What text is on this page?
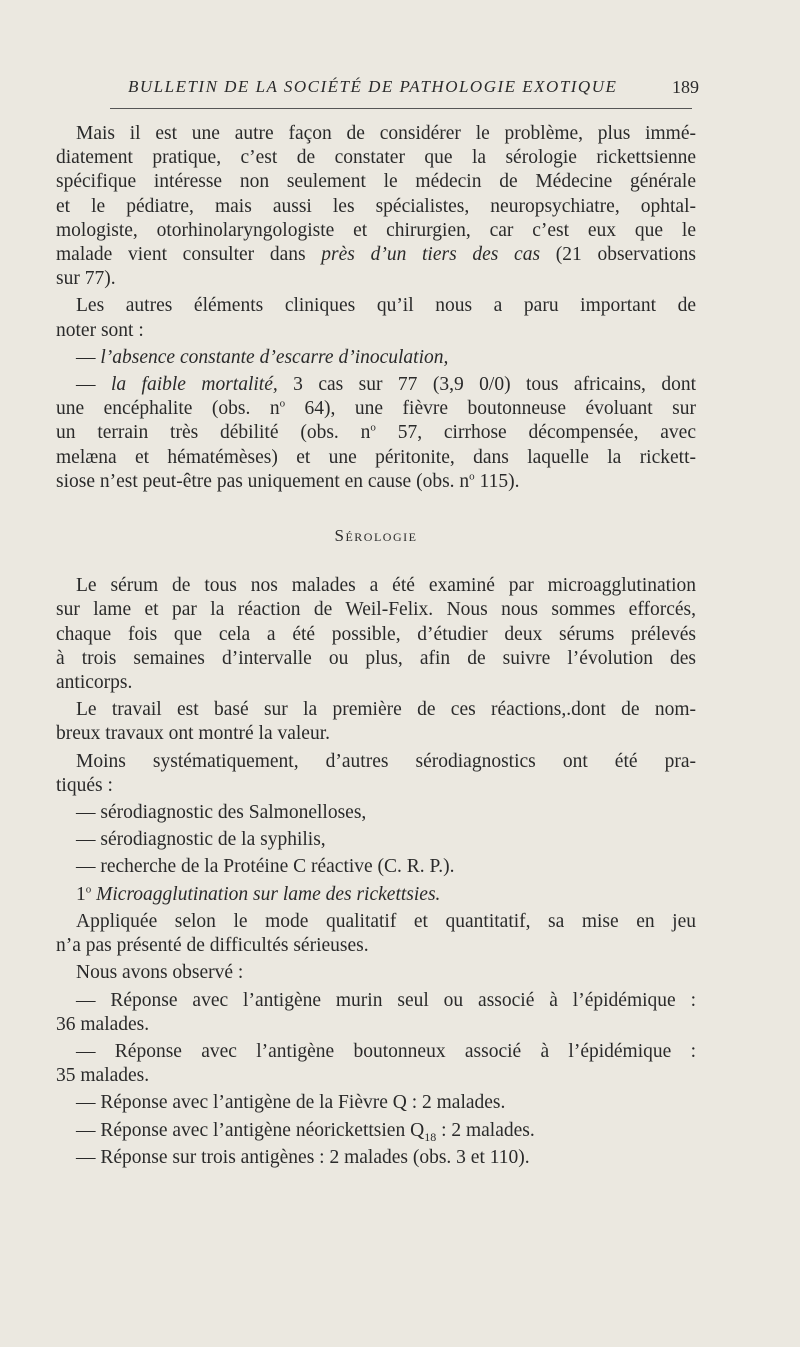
BULLETIN DE LA SOCIÉTÉ DE PATHOLOGIE EXOTIQUE	189
Mais il est une autre façon de considérer le problème, plus immé-
diatement pratique, c’est de constater que la sérologie rickettsienne
spécifique intéresse non seulement le médecin de Médecine générale
et le pédiatre, mais aussi les spécialistes, neuropsychiatre, ophtal-
mologiste, otorhinolaryngologiste et chirurgien, car c’est eux que le
malade vient consulter dans près d’un tiers des cas (21 observations
sur 77).
Les autres éléments cliniques qu’il nous a paru important de
noter sont :
— l’absence constante d’escarre d’inoculation,
— la faible mortalité, 3 cas sur 77 (3,9 0/0) tous africains, dont
une encéphalite (obs. $n^o$ 64), une fièvre boutonneuse évoluant sur
un terrain très débilité (obs. $n^o$ 57, cirrhose décompensée, avec
melæna et hématémèses) et une péritonite, dans laquelle la rickett-
siose n’est peut-être pas uniquement en cause (obs. $n^o$ 115).
Sérologie
Le sérum de tous nos malades a été examiné par microagglutination
sur lame et par la réaction de Weil-Felix. Nous nous sommes efforcés,
chaque fois que cela a été possible, d’étudier deux sérums prélevés
à trois semaines d’intervalle ou plus, afin de suivre l’évolution des
anticorps.
Le travail est basé sur la première de ces réactions,.dont de nom-
breux travaux ont montré la valeur.
Moins systématiquement, d’autres sérodiagnostics ont été pra-
tiqués :
— sérodiagnostic des Salmonelloses,
— sérodiagnostic de la syphilis,
— recherche de la Protéine C réactive (C. R. P.).
1$^o$ Microagglutination sur lame des rickettsies.
Appliquée selon le mode qualitatif et quantitatif, sa mise en jeu
n’a pas présenté de difficultés sérieuses.
Nous avons observé :
— Réponse avec l’antigène murin seul ou associé à l’épidémique :
36 malades.
— Réponse avec l’antigène boutonneux associé à l’épidémique :
35 malades.
— Réponse avec l’antigène de la Fièvre Q : 2 malades.
— Réponse avec l’antigène néorickettsien $Q_{18}$ : 2 malades.
— Réponse sur trois antigènes : 2 malades (obs. 3 et 110).
